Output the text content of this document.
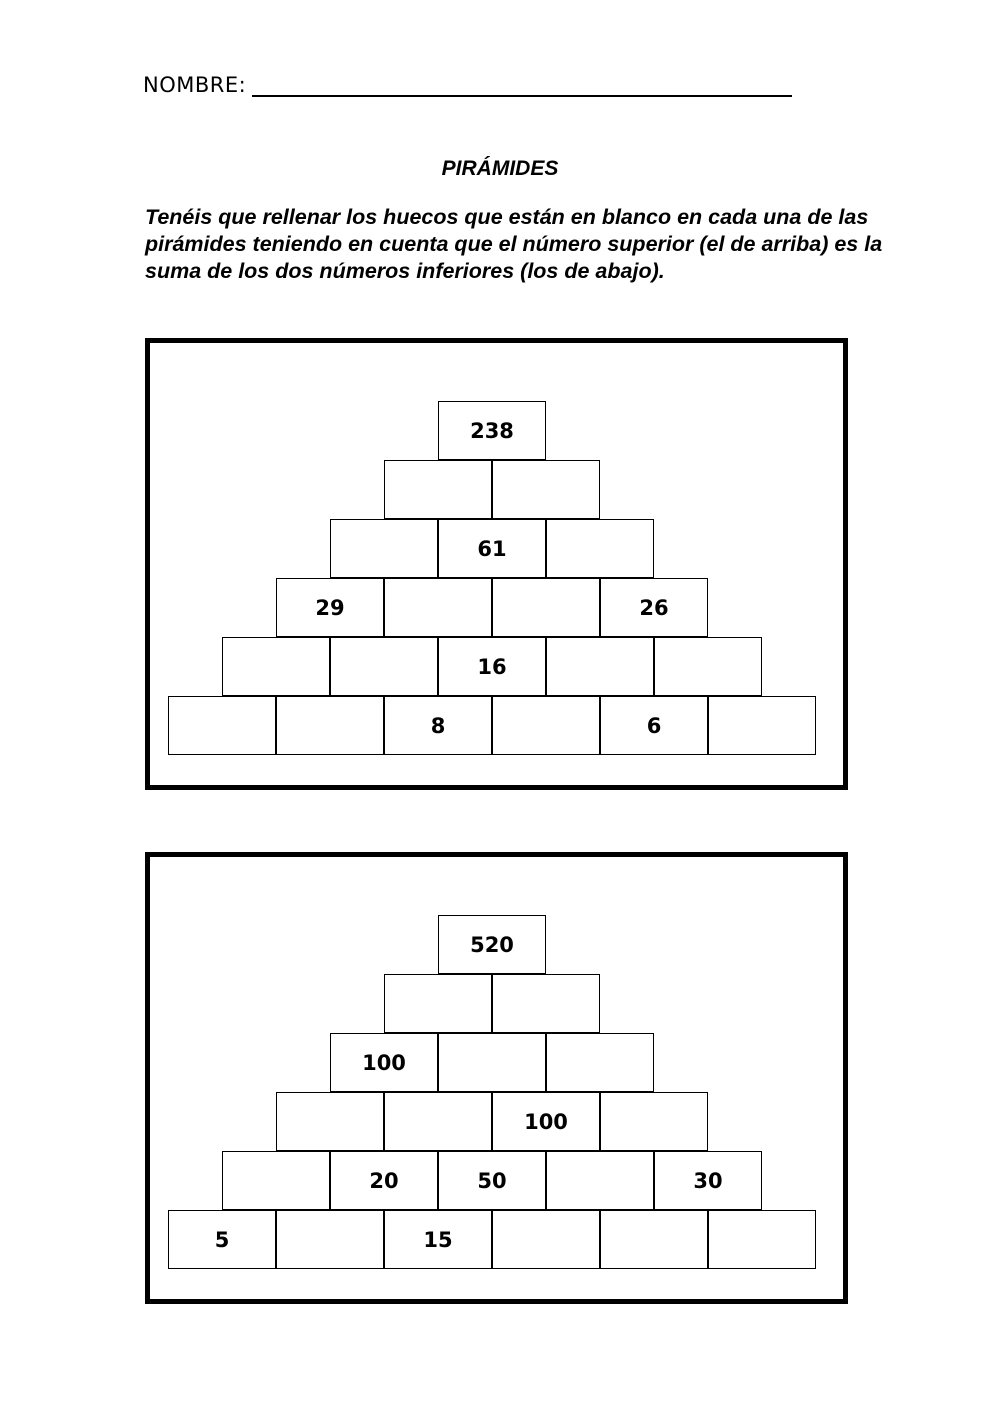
NOMBRE:
PIRÁMIDES
Tenéis que rellenar los huecos que están en blanco en cada una de las pirámides teniendo en cuenta que el número superior (el de arriba) es la suma de los dos números inferiores (los de abajo).
238
61
29	26
16
8	6
520
100
100
20	50	30
5	15
